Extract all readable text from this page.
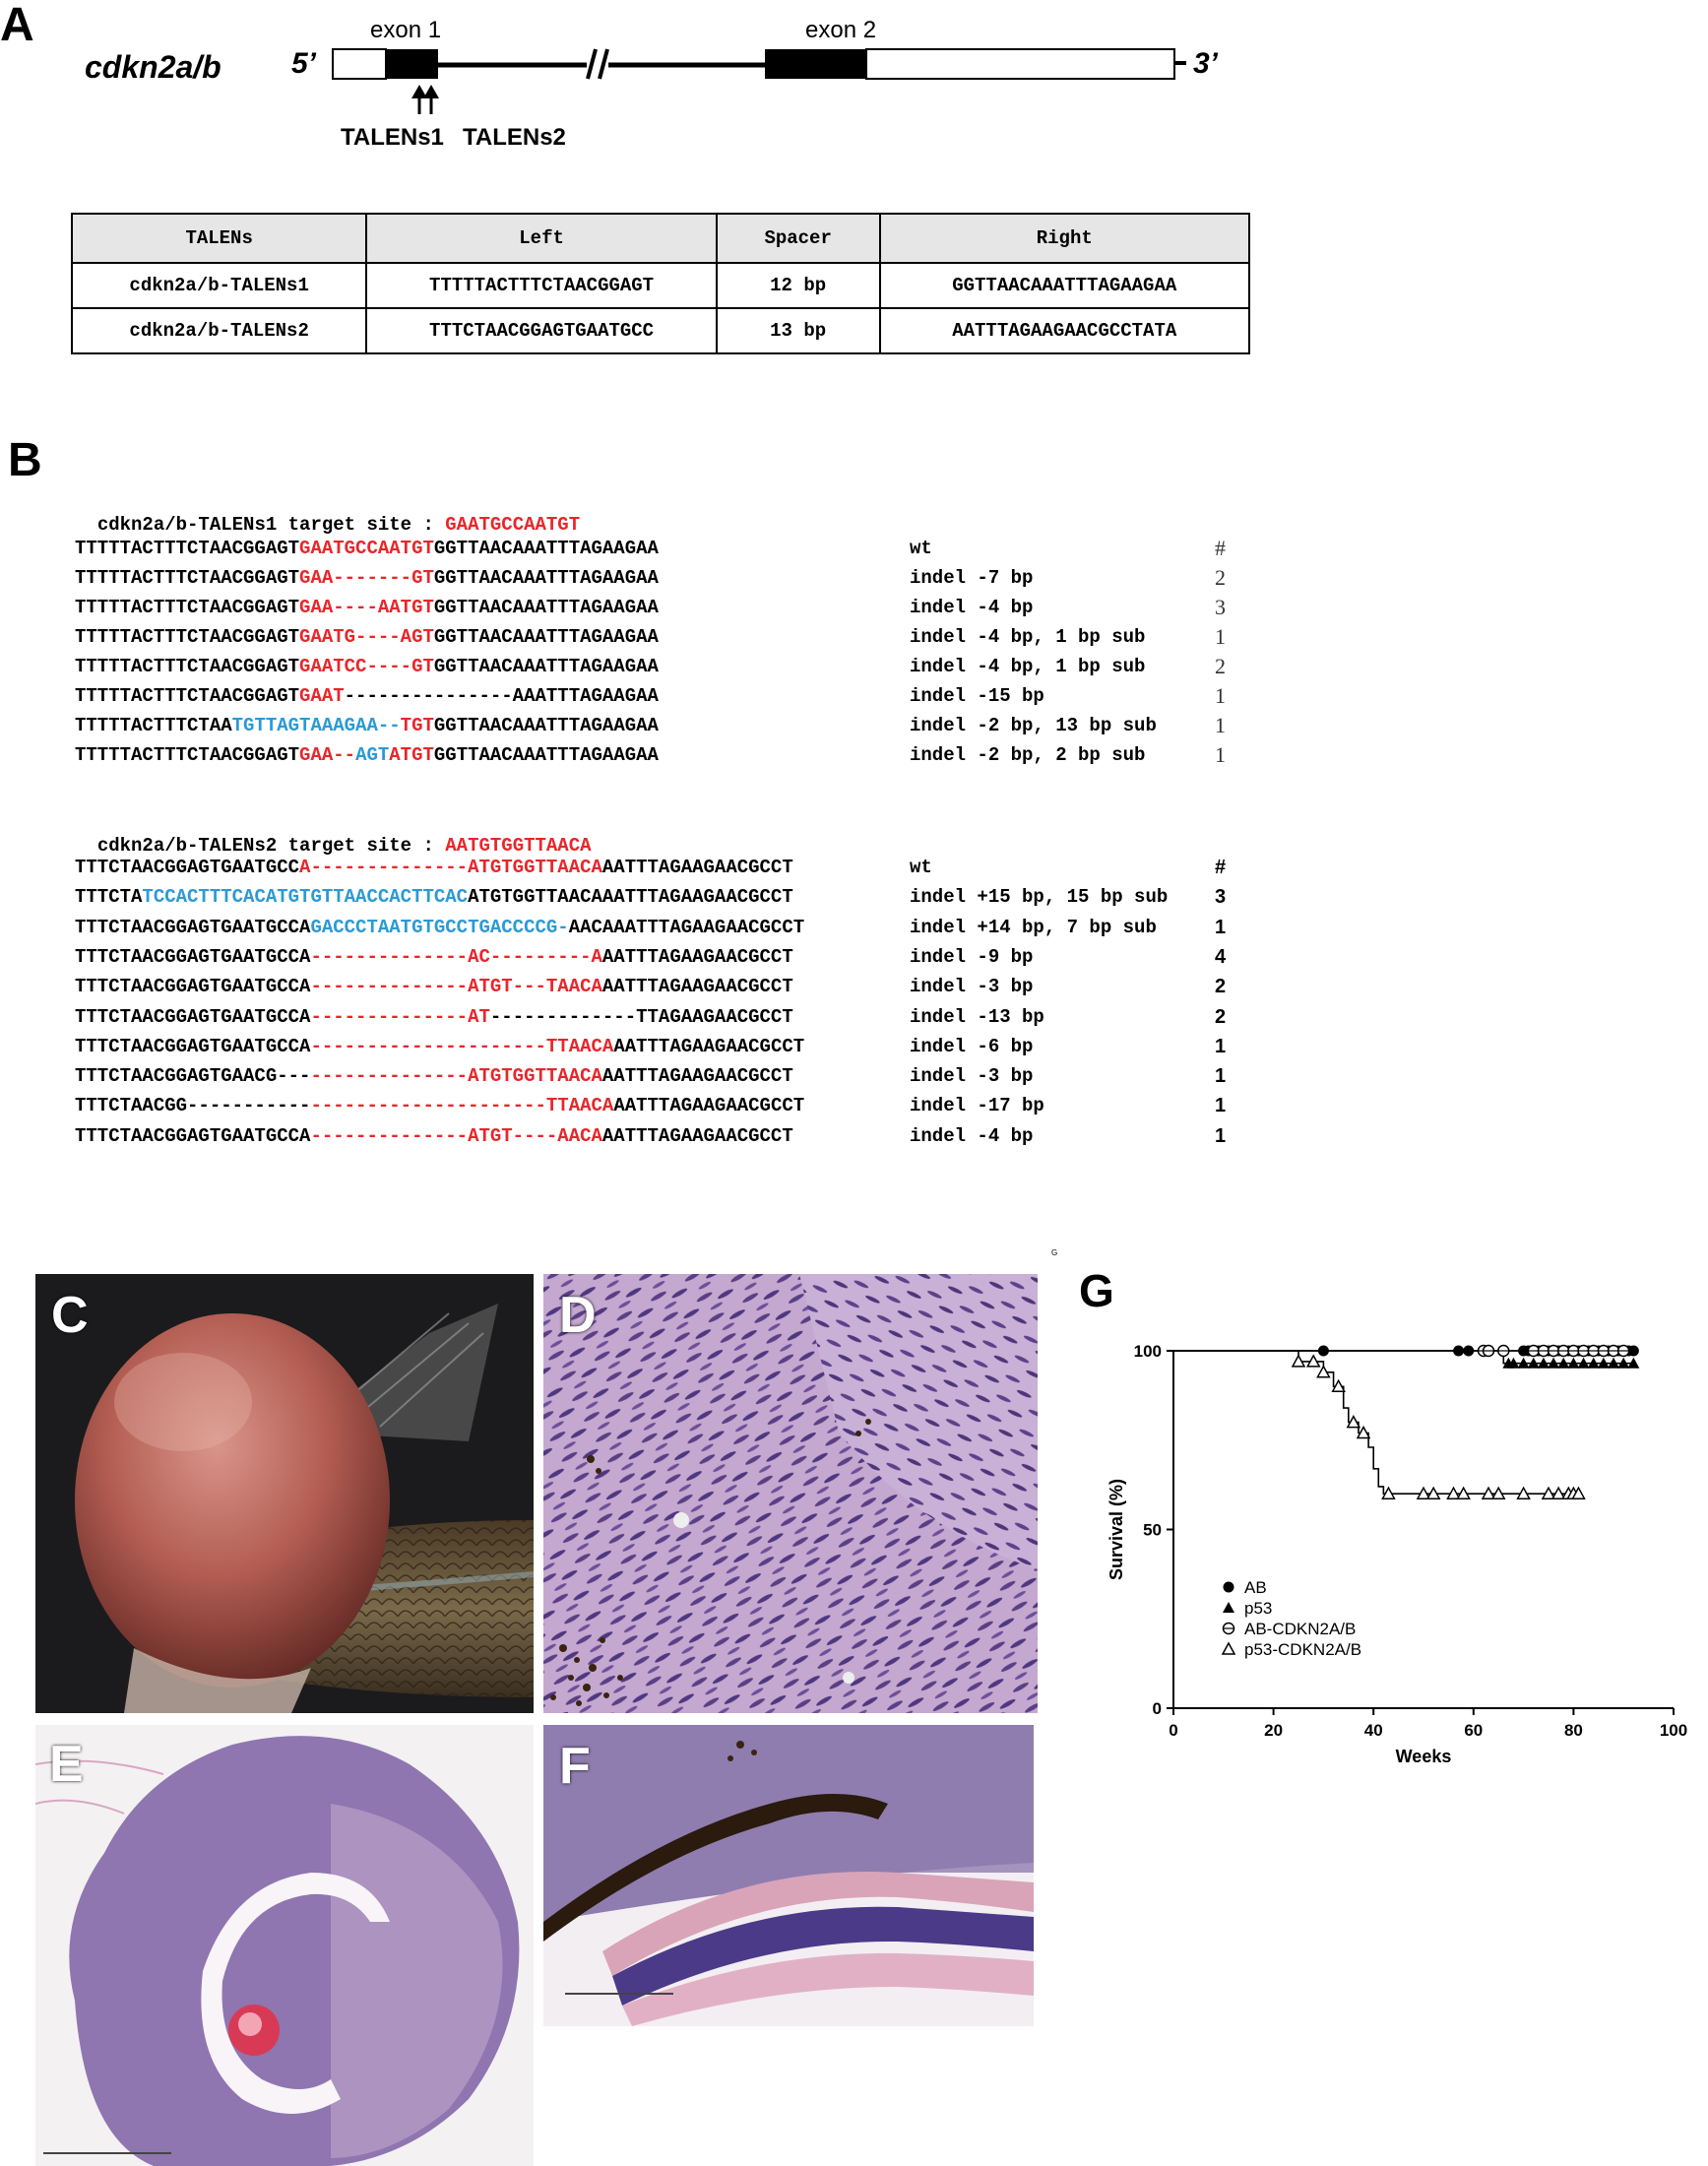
A
cdkn2a/b 5’	3’
exon 1	exon 2
TALENs1 TALENs2
TALENs	Left	Spacer	Right
cdkn2a/b-TALENs1	TTTTTACTTTCTAACGGAGT	12 bp	GGTTAACAAATTTAGAAGAA
cdkn2a/b-TALENs2	TTTCTAACGGAGTGAATGCC	13 bp	AATTTAGAAGAACGCCTATA
B

cdkn2a/b-TALENs1 target site : GAATGCCAATGT

TTTTTACTTTCTAACGGAGTGAATGCCAATGTGGTTAACAAATTTAGAAGAA	wt	#
TTTTTACTTTCTAACGGAGTGAA-------GTGGTTAACAAATTTAGAAGAA	indel -7 bp	2
TTTTTACTTTCTAACGGAGTGAA----AATGTGGTTAACAAATTTAGAAGAA	indel -4 bp	3
TTTTTACTTTCTAACGGAGTGAATG----AGTGGTTAACAAATTTAGAAGAA	indel -4 bp, 1 bp sub	1
TTTTTACTTTCTAACGGAGTGAATCC----GTGGTTAACAAATTTAGAAGAA	indel -4 bp, 1 bp sub	2
TTTTTACTTTCTAACGGAGTGAAT---------------AAATTTAGAAGAA	indel -15 bp	1
TTTTTACTTTCTAATGTTAGTAAAGAA--TGTGGTTAACAAATTTAGAAGAA	indel -2 bp, 13 bp sub	1
TTTTTACTTTCTAACGGAGTGAA--AGTATGTGGTTAACAAATTTAGAAGAA	indel -2 bp, 2 bp sub	1

cdkn2a/b-TALENs2 target site : AATGTGGTTAACA

TTTCTAACGGAGTGAATGCCA--------------ATGTGGTTAACAAATTTAGAAGAACGCCT	wt	#
TTTCTATCCACTTTCACATGTGTTAACCACTTCACATGTGGTTAACAAATTTAGAAGAACGCCT	indel +15 bp, 15 bp sub 3
TTTCTAACGGAGTGAATGCCAGACCCTAATGTGCCTGACCCCG-AACAAATTTAGAAGAACGCCT	indel +14 bp, 7 bp sub	1
TTTCTAACGGAGTGAATGCCA--------------AC---------AAATTTAGAAGAACGCCT	indel -9 bp	4
TTTCTAACGGAGTGAATGCCA--------------ATGT---TAACAAATTTAGAAGAACGCCT	indel -3 bp	2
TTTCTAACGGAGTGAATGCCA--------------AT-------------TTAGAAGAACGCCT	indel -13 bp	2
TTTCTAACGGAGTGAATGCCA---------------------TTAACAAATTTAGAAGAACGCCT	indel -6 bp	1
TTTCTAACGGAGTGAACG-----------------ATGTGGTTAACAAATTTAGAAGAACGCCT	indel -3 bp	1
TTTCTAACGG--------------------------------TTAACAAATTTAGAAGAACGCCT	indel -17 bp	1
TTTCTAACGGAGTGAATGCCA--------------ATGT----AACAAATTTAGAAGAACGCCT	indel -4 bp	1
C	D
E	F
G
G
0	20	40	60	80	100
0
50
100
Weeks
Survival (%)
AB
p53
AB-CDKN2A/B
p53-CDKN2A/B
